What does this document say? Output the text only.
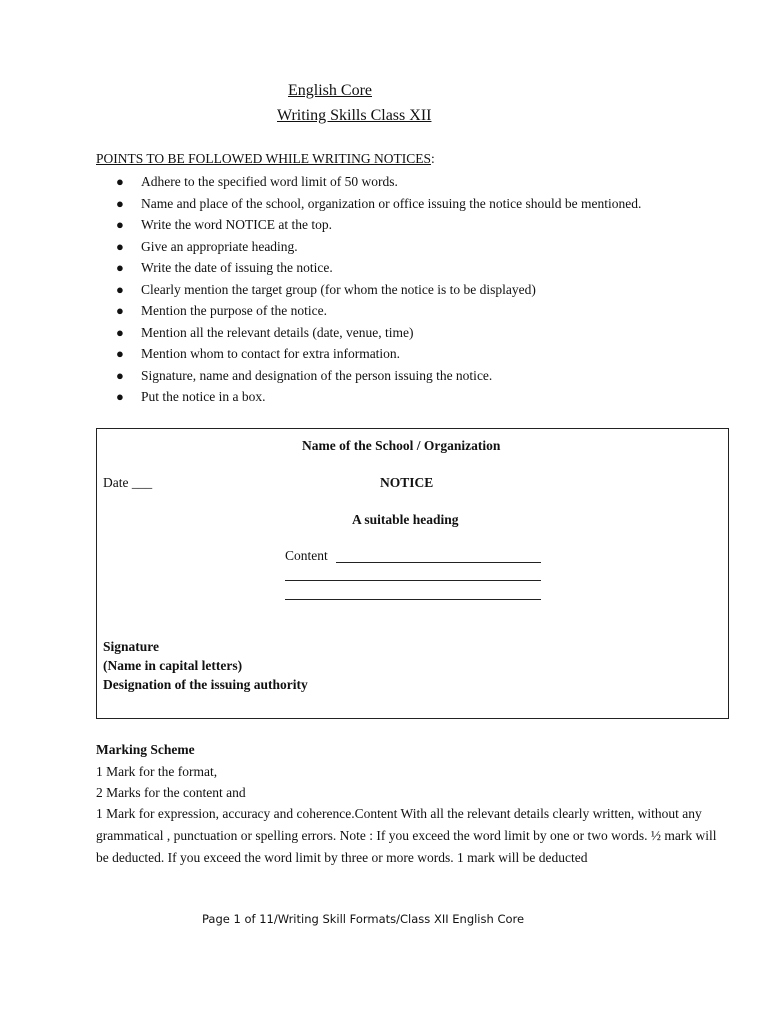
English Core
Writing Skills Class XII
POINTS TO BE FOLLOWED WHILE WRITING NOTICES:
● Adhere to the specified word limit of 50 words.
● Name and place of the school, organization or office issuing the notice should be mentioned.
● Write the word NOTICE at the top.
● Give an appropriate heading.
● Write the date of issuing the notice.
● Clearly mention the target group (for whom the notice is to be displayed)
● Mention the purpose of the notice.
● Mention all the relevant details (date, venue, time)
● Mention whom to contact for extra information.
● Signature, name and designation of the person issuing the notice.
● Put the notice in a box.
Name of the School / Organization
Date ___	NOTICE
A suitable heading
Content
Signature
(Name in capital letters)
Designation of the issuing authority
Marking Scheme
1 Mark for the format,
2 Marks for the content and
1 Mark for expression, accuracy and coherence.Content With all the relevant details clearly written, without any grammatical , punctuation or spelling errors. Note : If you exceed the word limit by one or two words. ½ mark will be deducted. If you exceed the word limit by three or more words. 1 mark will be deducted
Page 1 of 11/Writing Skill Formats/Class XII English Core
